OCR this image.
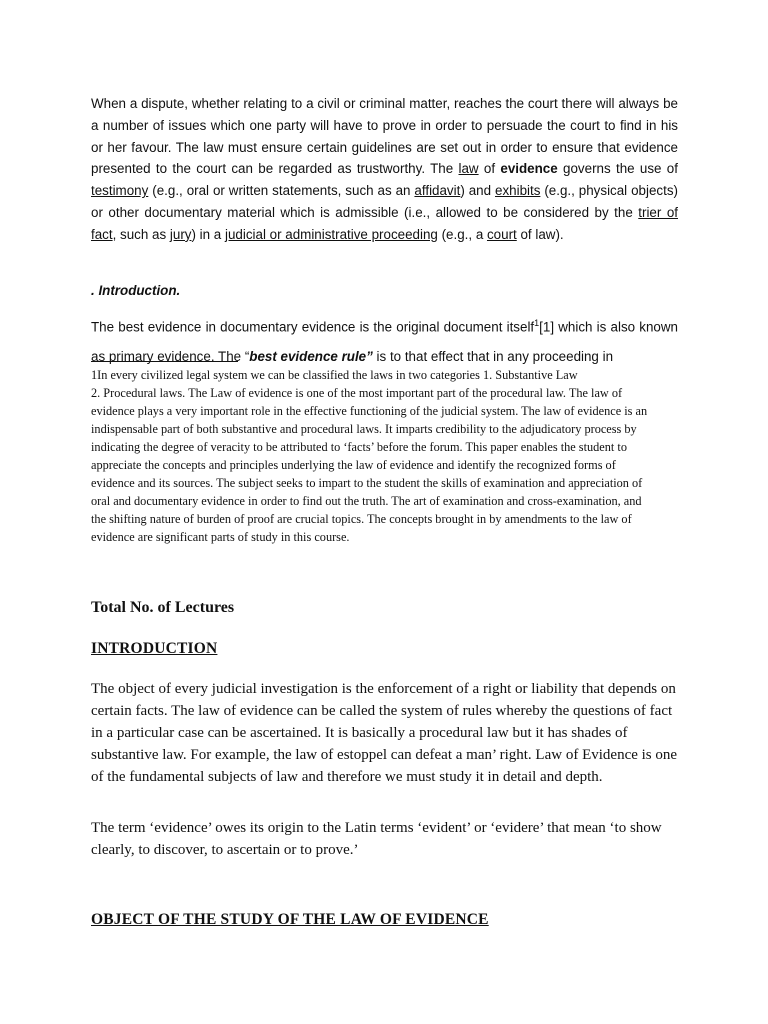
When a dispute, whether relating to a civil or criminal matter, reaches the court there will always be a number of issues which one party will have to prove in order to persuade the court to find in his or her favour. The law must ensure certain guidelines are set out in order to ensure that evidence presented to the court can be regarded as trustworthy. The law of evidence governs the use of testimony (e.g., oral or written statements, such as an affidavit) and exhibits (e.g., physical objects) or other documentary material which is admissible (i.e., allowed to be considered by the trier of fact, such as jury) in a judicial or administrative proceeding (e.g., a court of law).
. Introduction.
The best evidence in documentary evidence is the original document itself$^1$[1] which is also known as primary evidence. The “best evidence rule” is to that effect that in any proceeding in

1In every civilized legal system we can be classified the laws in two categories 1. Substantive Law

2. Procedural laws. The Law of evidence is one of the most important part of the procedural law. The law of evidence plays a very important role in the effective functioning of the judicial system. The law of evidence is an indispensable part of both substantive and procedural laws. It imparts credibility to the adjudicatory process by indicating the degree of veracity to be attributed to ‘facts’ before the forum. This paper enables the student to appreciate the concepts and principles underlying the law of evidence and identify the recognized forms of evidence and its sources. The subject seeks to impart to the student the skills of examination and appreciation of oral and documentary evidence in order to find out the truth. The art of examination and cross-examination, and the shifting nature of burden of proof are crucial topics. The concepts brought in by amendments to the law of evidence are significant parts of study in this course.

Total No. of Lectures
INTRODUCTION
The object of every judicial investigation is the enforcement of a right or liability that depends on certain facts. The law of evidence can be called the system of rules whereby the questions of fact in a particular case can be ascertained. It is basically a procedural law but it has shades of substantive law. For example, the law of estoppel can defeat a man’ right. Law of Evidence is one of the fundamental subjects of law and therefore we must study it in detail and depth.
The term ‘evidence’ owes its origin to the Latin terms ‘evident’ or ‘evidere’ that mean ‘to show clearly, to discover, to ascertain or to prove.’
OBJECT OF THE STUDY OF THE LAW OF EVIDENCE
